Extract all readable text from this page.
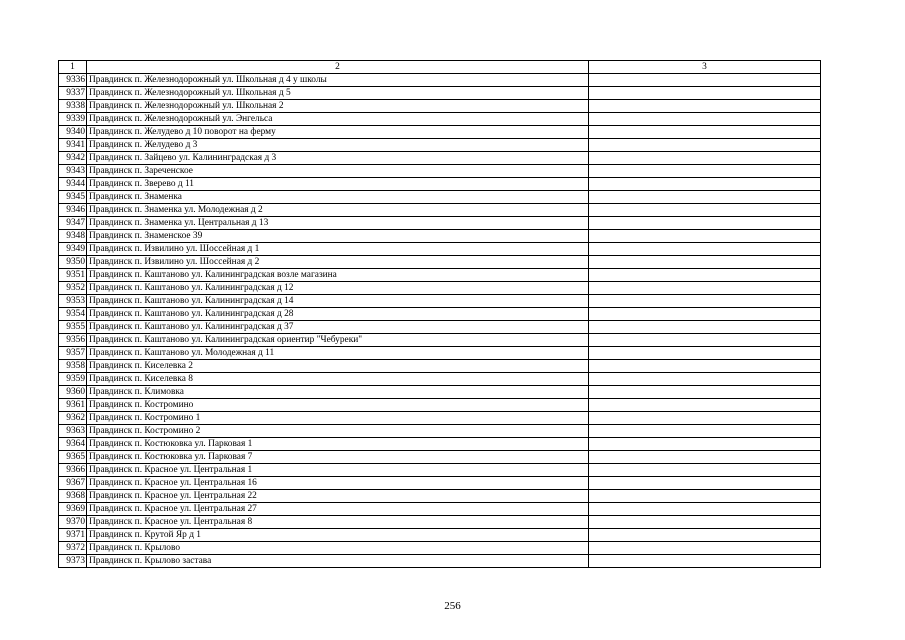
1	2	3
9336	Правдинск п. Железнодорожный ул. Школьная д 4 у школы	
9337	Правдинск п. Железнодорожный ул. Школьная д 5	
9338	Правдинск п. Железнодорожный ул. Школьная 2	
9339	Правдинск п. Железнодорожный ул. Энгельса	
9340	Правдинск п. Желудево д 10 поворот на ферму	
9341	Правдинск п. Желудево д 3	
9342	Правдинск п. Зайцево ул. Калининградская д 3	
9343	Правдинск п. Зареченское	
9344	Правдинск п. Зверево д 11	
9345	Правдинск п. Знаменка	
9346	Правдинск п. Знаменка ул. Молодежная д 2	
9347	Правдинск п. Знаменка ул. Центральная д 13	
9348	Правдинск п. Знаменское 39	
9349	Правдинск п. Извилино ул. Шоссейная д 1	
9350	Правдинск п. Извилино ул. Шоссейная д 2	
9351	Правдинск п. Каштаново ул. Калининградская возле магазина	
9352	Правдинск п. Каштаново ул. Калининградская д 12	
9353	Правдинск п. Каштаново ул. Калининградская д 14	
9354	Правдинск п. Каштаново ул. Калининградская д 28	
9355	Правдинск п. Каштаново ул. Калининградская д 37	
9356	Правдинск п. Каштаново ул. Калининградская ориентир "Чебуреки"	
9357	Правдинск п. Каштаново ул. Молодежная д 11	
9358	Правдинск п. Киселевка 2	
9359	Правдинск п. Киселевка 8	
9360	Правдинск п. Климовка	
9361	Правдинск п. Костромино	
9362	Правдинск п. Костромино 1	
9363	Правдинск п. Костромино 2	
9364	Правдинск п. Костюковка ул. Парковая 1	
9365	Правдинск п. Костюковка ул. Парковая 7	
9366	Правдинск п. Красное ул. Центральная 1	
9367	Правдинск п. Красное ул. Центральная 16	
9368	Правдинск п. Красное ул. Центральная 22	
9369	Правдинск п. Красное ул. Центральная 27	
9370	Правдинск п. Красное ул. Центральная 8	
9371	Правдинск п. Крутой Яр д 1	
9372	Правдинск п. Крылово	
9373	Правдинск п. Крылово застава	
256
